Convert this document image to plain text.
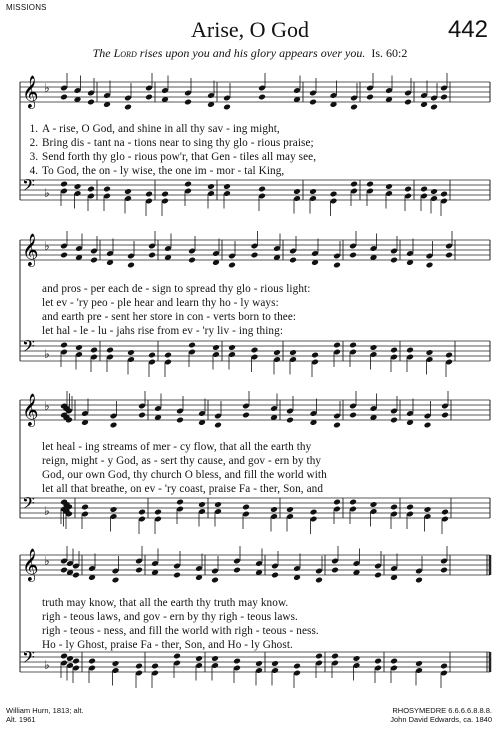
MISSIONS
Arise, O God	442
The Lord rises upon you and his glory appears over you. Is. 60:2
𝄞 ♭
𝄢 ♭
𝄞 ♭
𝄢 ♭
𝄞 ♭
𝄢 ♭
𝄞 ♭
𝄢 ♭
1. A - rise, O God, and shine in all thy sav - ing might,
2. Bring dis - tant na - tions near to sing thy glo - rious praise;
3. Send forth thy glo - rious pow'r, that Gen - tiles all may see,
4. To God, the on - ly wise, the one im - mor - tal King,
and pros - per each de - sign to spread thy glo - rious light:
let ev - 'ry peo - ple hear and learn thy ho - ly ways:
and earth pre - sent her store in con - verts born to thee:
let hal - le - lu - jahs rise from ev - 'ry liv - ing thing:
let heal - ing streams of mer - cy flow, that all the earth thy
reign, might - y God, as - sert thy cause, and gov - ern by thy
God, our own God, thy church O bless, and fill the world with
let all that breathe, on ev - 'ry coast, praise Fa - ther, Son, and
truth may know, that all the earth thy truth may know.
righ - teous laws, and gov - ern by thy righ - teous laws.
righ - teous - ness, and fill the world with righ - teous - ness.
Ho - ly Ghost, praise Fa - ther, Son, and Ho - ly Ghost.
William Hurn, 1813; alt.
Alt. 1961
RHOSYMEDRE 6.6.6.6.8.8.8.
John David Edwards, ca. 1840
